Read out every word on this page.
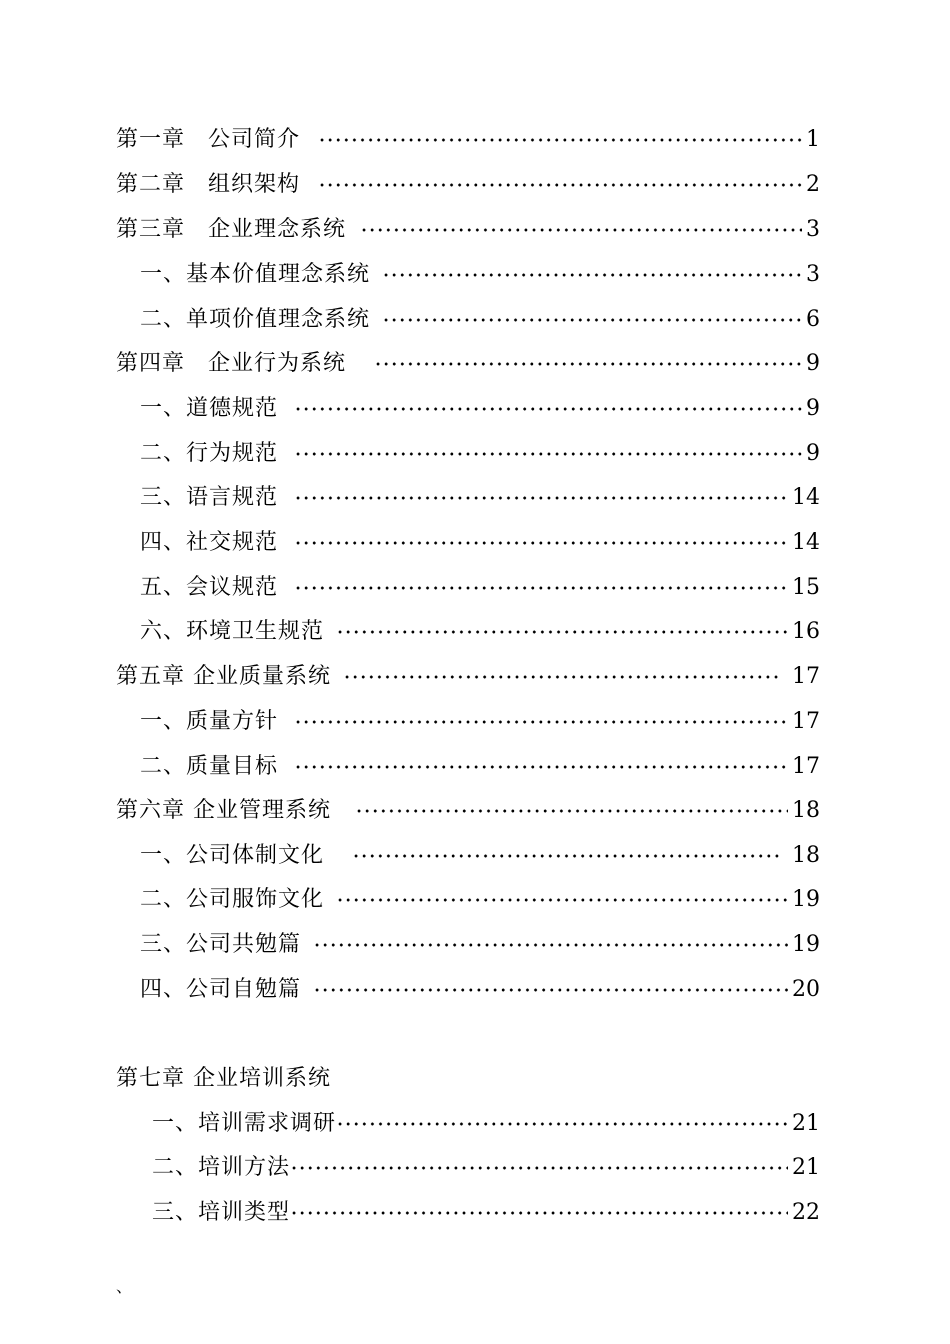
第一章　公司简介	1
第二章　组织架构	2
第三章　企业理念系统	3
一、基本价值理念系统	3
二、单项价值理念系统	6
第四章　企业行为系统	9
一、道德规范	9
二、行为规范	9
三、语言规范	14
四、社交规范	14
五、会议规范	15
六、环境卫生规范	16
第五章 企业质量系统	17
一、质量方针	17
二、质量目标	17
第六章 企业管理系统	18
一、公司体制文化	18
二、公司服饰文化	19
三、公司共勉篇	19
四、公司自勉篇	20
第七章 企业培训系统
一、培训需求调研	21
二、培训方法	21
三、培训类型	22
、
